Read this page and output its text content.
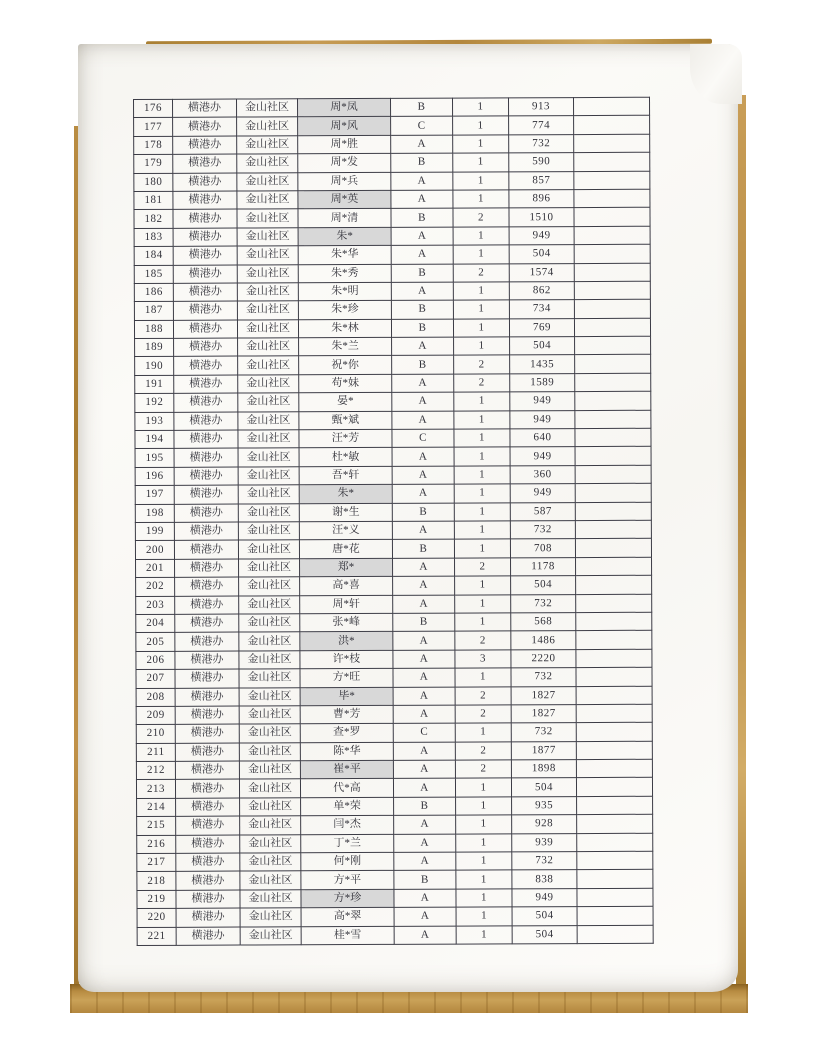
176	横港办	金山社区	周*凤	B	1	913	
177	横港办	金山社区	周*风	C	1	774	
178	横港办	金山社区	周*胜	A	1	732	
179	横港办	金山社区	周*发	B	1	590	
180	横港办	金山社区	周*兵	A	1	857	
181	横港办	金山社区	周*英	A	1	896	
182	横港办	金山社区	周*清	B	2	1510	
183	横港办	金山社区	朱*	A	1	949	
184	横港办	金山社区	朱*华	A	1	504	
185	横港办	金山社区	朱*秀	B	2	1574	
186	横港办	金山社区	朱*明	A	1	862	
187	横港办	金山社区	朱*珍	B	1	734	
188	横港办	金山社区	朱*林	B	1	769	
189	横港办	金山社区	朱*兰	A	1	504	
190	横港办	金山社区	祝*你	B	2	1435	
191	横港办	金山社区	苟*妹	A	2	1589	
192	横港办	金山社区	晏*	A	1	949	
193	横港办	金山社区	甄*斌	A	1	949	
194	横港办	金山社区	汪*芳	C	1	640	
195	横港办	金山社区	杜*敏	A	1	949	
196	横港办	金山社区	吾*轩	A	1	360	
197	横港办	金山社区	朱*	A	1	949	
198	横港办	金山社区	谢*生	B	1	587	
199	横港办	金山社区	汪*义	A	1	732	
200	横港办	金山社区	唐*花	B	1	708	
201	横港办	金山社区	郑*	A	2	1178	
202	横港办	金山社区	高*喜	A	1	504	
203	横港办	金山社区	周*轩	A	1	732	
204	横港办	金山社区	张*峰	B	1	568	
205	横港办	金山社区	洪*	A	2	1486	
206	横港办	金山社区	许*枝	A	3	2220	
207	横港办	金山社区	方*旺	A	1	732	
208	横港办	金山社区	毕*	A	2	1827	
209	横港办	金山社区	曹*芳	A	2	1827	
210	横港办	金山社区	查*罗	C	1	732	
211	横港办	金山社区	陈*华	A	2	1877	
212	横港办	金山社区	崔*平	A	2	1898	
213	横港办	金山社区	代*高	A	1	504	
214	横港办	金山社区	单*荣	B	1	935	
215	横港办	金山社区	闫*杰	A	1	928	
216	横港办	金山社区	丁*兰	A	1	939	
217	横港办	金山社区	何*刚	A	1	732	
218	横港办	金山社区	方*平	B	1	838	
219	横港办	金山社区	方*珍	A	1	949	
220	横港办	金山社区	高*翠	A	1	504	
221	横港办	金山社区	桂*雪	A	1	504	
